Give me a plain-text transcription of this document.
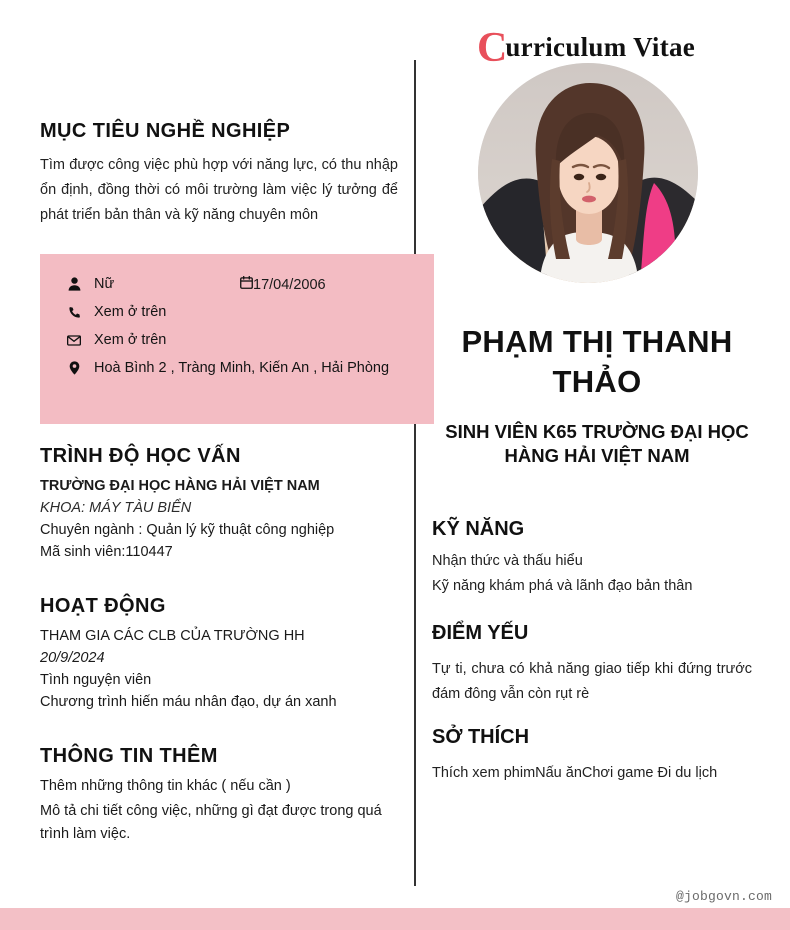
MỤC TIÊU NGHỀ NGHIỆP

Tìm được công việc phù hợp với năng lực, có thu nhập ổn định, đồng thời có môi trường làm việc lý tưởng để phát triển bản thân và kỹ năng chuyên môn

Nữ	17/04/2006
Xem ở trên
Xem ở trên
Hoà Bình 2 , Tràng Minh, Kiến An , Hải Phòng
TRÌNH ĐỘ HỌC VẤN

TRƯỜNG ĐẠI HỌC HÀNG HẢI VIỆT NAM

KHOA: MÁY TÀU BIỂN

Chuyên ngành : Quản lý kỹ thuật công nghiệp

Mã sinh viên:110447

HOẠT ĐỘNG

THAM GIA CÁC CLB CỦA TRƯỜNG HH

20/9/2024

Tình nguyện viên

Chương trình hiến máu nhân đạo, dự án xanh

THÔNG TIN THÊM

Thêm những thông tin khác ( nếu cần )

Mô tả chi tiết công việc, những gì đạt được trong quá trình làm việc.

C
urriculum Vitae
PHẠM THỊ THANH THẢO
SINH VIÊN K65 TRƯỜNG ĐẠI HỌC HÀNG HẢI VIỆT NAM
KỸ NĂNG

Nhận thức và thấu hiểu

Kỹ năng khám phá và lãnh đạo bản thân

ĐIỂM YẾU

Tự ti, chưa có khả năng giao tiếp khi đứng trước đám đông vẫn còn rụt rè

SỞ THÍCH

Thích xem phimNấu ănChơi game Đi du lịch

@jobgovn.com
